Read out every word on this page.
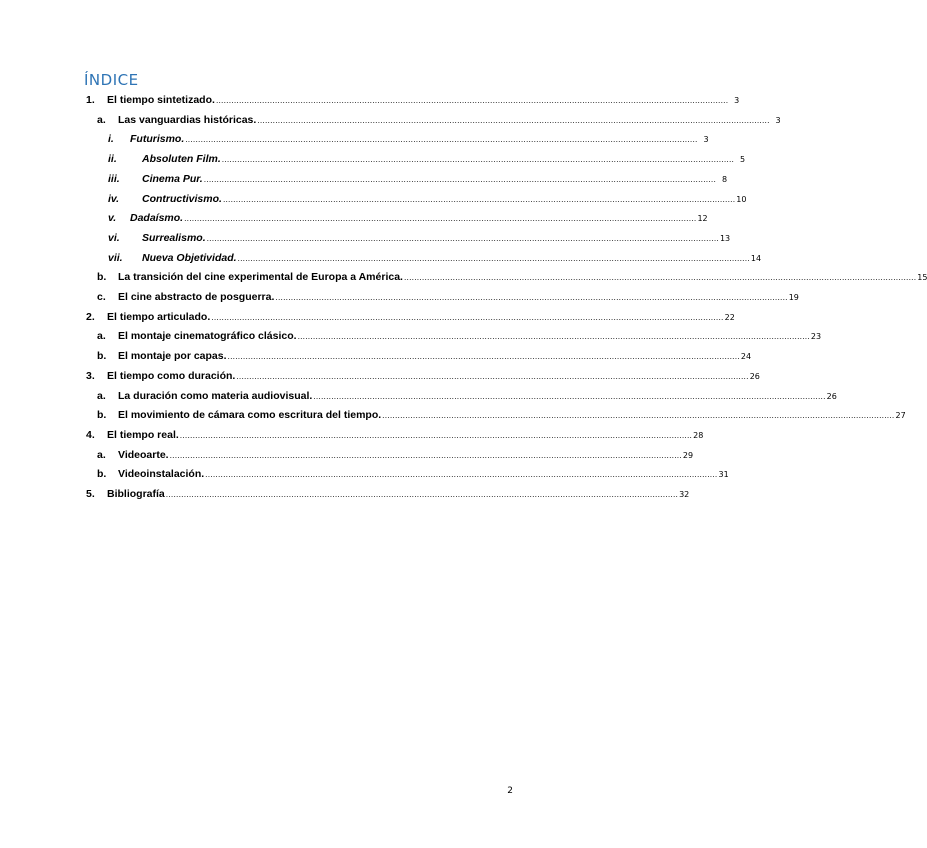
ÍNDICE
1. El tiempo sintetizado. ........................................................................................................................................................................................................ 3
a. Las vanguardias históricas. ........................................................................................................................................................................................................ 3
i. Futurismo. ........................................................................................................................................................................................................ 3
ii. Absoluten Film. ........................................................................................................................................................................................................ 5
iii. Cinema Pur. ........................................................................................................................................................................................................ 8
iv. Contructivismo. ........................................................................................................................................................................................................ 10
v. Dadaísmo. ........................................................................................................................................................................................................ 12
vi. Surrealismo. ........................................................................................................................................................................................................ 13
vii. Nueva Objetividad. ........................................................................................................................................................................................................ 14
b. La transición del cine experimental de Europa a América. ........................................................................................................................................................................................................ 15
c. El cine abstracto de posguerra. ........................................................................................................................................................................................................ 19
2. El tiempo articulado. ........................................................................................................................................................................................................ 22
a. El montaje cinematográfico clásico. ........................................................................................................................................................................................................ 23
b. El montaje por capas. ........................................................................................................................................................................................................ 24
3. El tiempo como duración. ........................................................................................................................................................................................................ 26
a. La duración como materia audiovisual. ........................................................................................................................................................................................................ 26
b. El movimiento de cámara como escritura del tiempo. ........................................................................................................................................................................................................ 27
4. El tiempo real. ........................................................................................................................................................................................................ 28
a. Videoarte. ........................................................................................................................................................................................................ 29
b. Videoinstalación. ........................................................................................................................................................................................................ 31
5. Bibliografía ........................................................................................................................................................................................................ 32
2
